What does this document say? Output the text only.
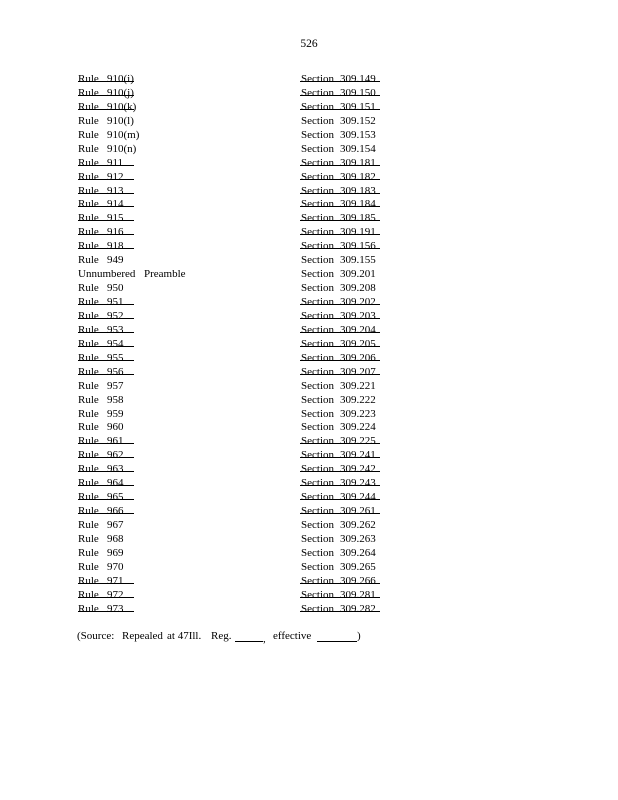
526
Rule 910(i)	Section 309.149
Rule 910(j)	Section 309.150
Rule 910(k)	Section 309.151
Rule 910(l)	Section 309.152
Rule 910(m)	Section 309.153
Rule 910(n)	Section 309.154
Rule 911	Section 309.181
Rule 912	Section 309.182
Rule 913	Section 309.183
Rule 914	Section 309.184
Rule 915	Section 309.185
Rule 916	Section 309.191
Rule 918	Section 309.156
Rule 949	Section 309.155
Unnumbered Preamble	Section 309.201
Rule 950	Section 309.208
Rule 951	Section 309.202
Rule 952	Section 309.203
Rule 953	Section 309.204
Rule 954	Section 309.205
Rule 955	Section 309.206
Rule 956	Section 309.207
Rule 957	Section 309.221
Rule 958	Section 309.222
Rule 959	Section 309.223
Rule 960	Section 309.224
Rule 961	Section 309.225
Rule 962	Section 309.241
Rule 963	Section 309.242
Rule 964	Section 309.243
Rule 965	Section 309.244
Rule 966	Section 309.261
Rule 967	Section 309.262
Rule 968	Section 309.263
Rule 969	Section 309.264
Rule 970	Section 309.265
Rule 971	Section 309.266
Rule 972	Section 309.281
Rule 973	Section 309.282
(Source: Repealed at 47Ill. Reg.	, effective	)
